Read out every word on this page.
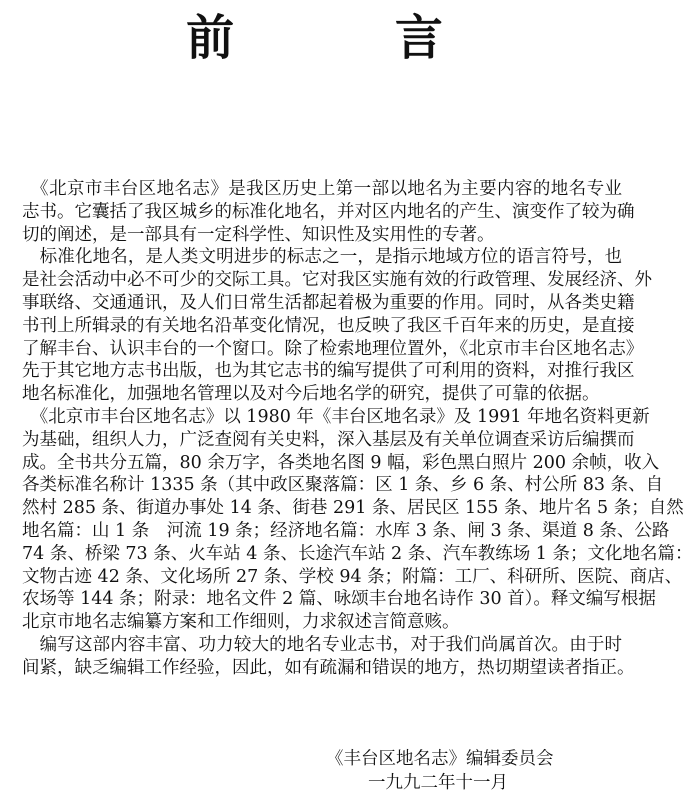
前 言
　《北京市丰台区地名志》是我区历史上第一部以地名为主要内容的地名专业
志书。它囊括了我区城乡的标准化地名，并对区内地名的产生、演变作了较为确
切的阐述，是一部具有一定科学性、知识性及实用性的专著。
　标准化地名，是人类文明进步的标志之一，是指示地域方位的语言符号，也
是社会活动中必不可少的交际工具。它对我区实施有效的行政管理、发展经济、外
事联络、交通通讯，及人们日常生活都起着极为重要的作用。同时，从各类史籍
书刊上所辑录的有关地名沿革变化情况，也反映了我区千百年来的历史，是直接
了解丰台、认识丰台的一个窗口。除了检索地理位置外，《北京市丰台区地名志》
先于其它地方志书出版，也为其它志书的编写提供了可利用的资料，对推行我区
地名标准化，加强地名管理以及对今后地名学的研究，提供了可靠的依据。
　《北京市丰台区地名志》以 1980 年《丰台区地名录》及 1991 年地名资料更新
为基础，组织人力，广泛查阅有关史料，深入基层及有关单位调查采访后编撰而
成。全书共分五篇，80 余万字，各类地名图 9 幅，彩色黑白照片 200 余帧，收入
各类标准名称计 1335 条（其中政区聚落篇：区 1 条、乡 6 条、村公所 83 条、自
然村 285 条、街道办事处 14 条、街巷 291 条、居民区 155 条、地片名 5 条；自然
地名篇：山 1 条　河流 19 条；经济地名篇：水库 3 条、闸 3 条、渠道 8 条、公路
74 条、桥梁 73 条、火车站 4 条、长途汽车站 2 条、汽车教练场 1 条；文化地名篇：
文物古迹 42 条、文化场所 27 条、学校 94 条；附篇：工厂、科研所、医院、商店、
农场等 144 条；附录：地名文件 2 篇、咏颂丰台地名诗作 30 首）。释文编写根据
北京市地名志编纂方案和工作细则，力求叙述言简意赅。
　编写这部内容丰富、功力较大的地名专业志书，对于我们尚属首次。由于时
间紧，缺乏编辑工作经验，因此，如有疏漏和错误的地方，热切期望读者指正。
《丰台区地名志》编辑委员会
一九九二年十一月
